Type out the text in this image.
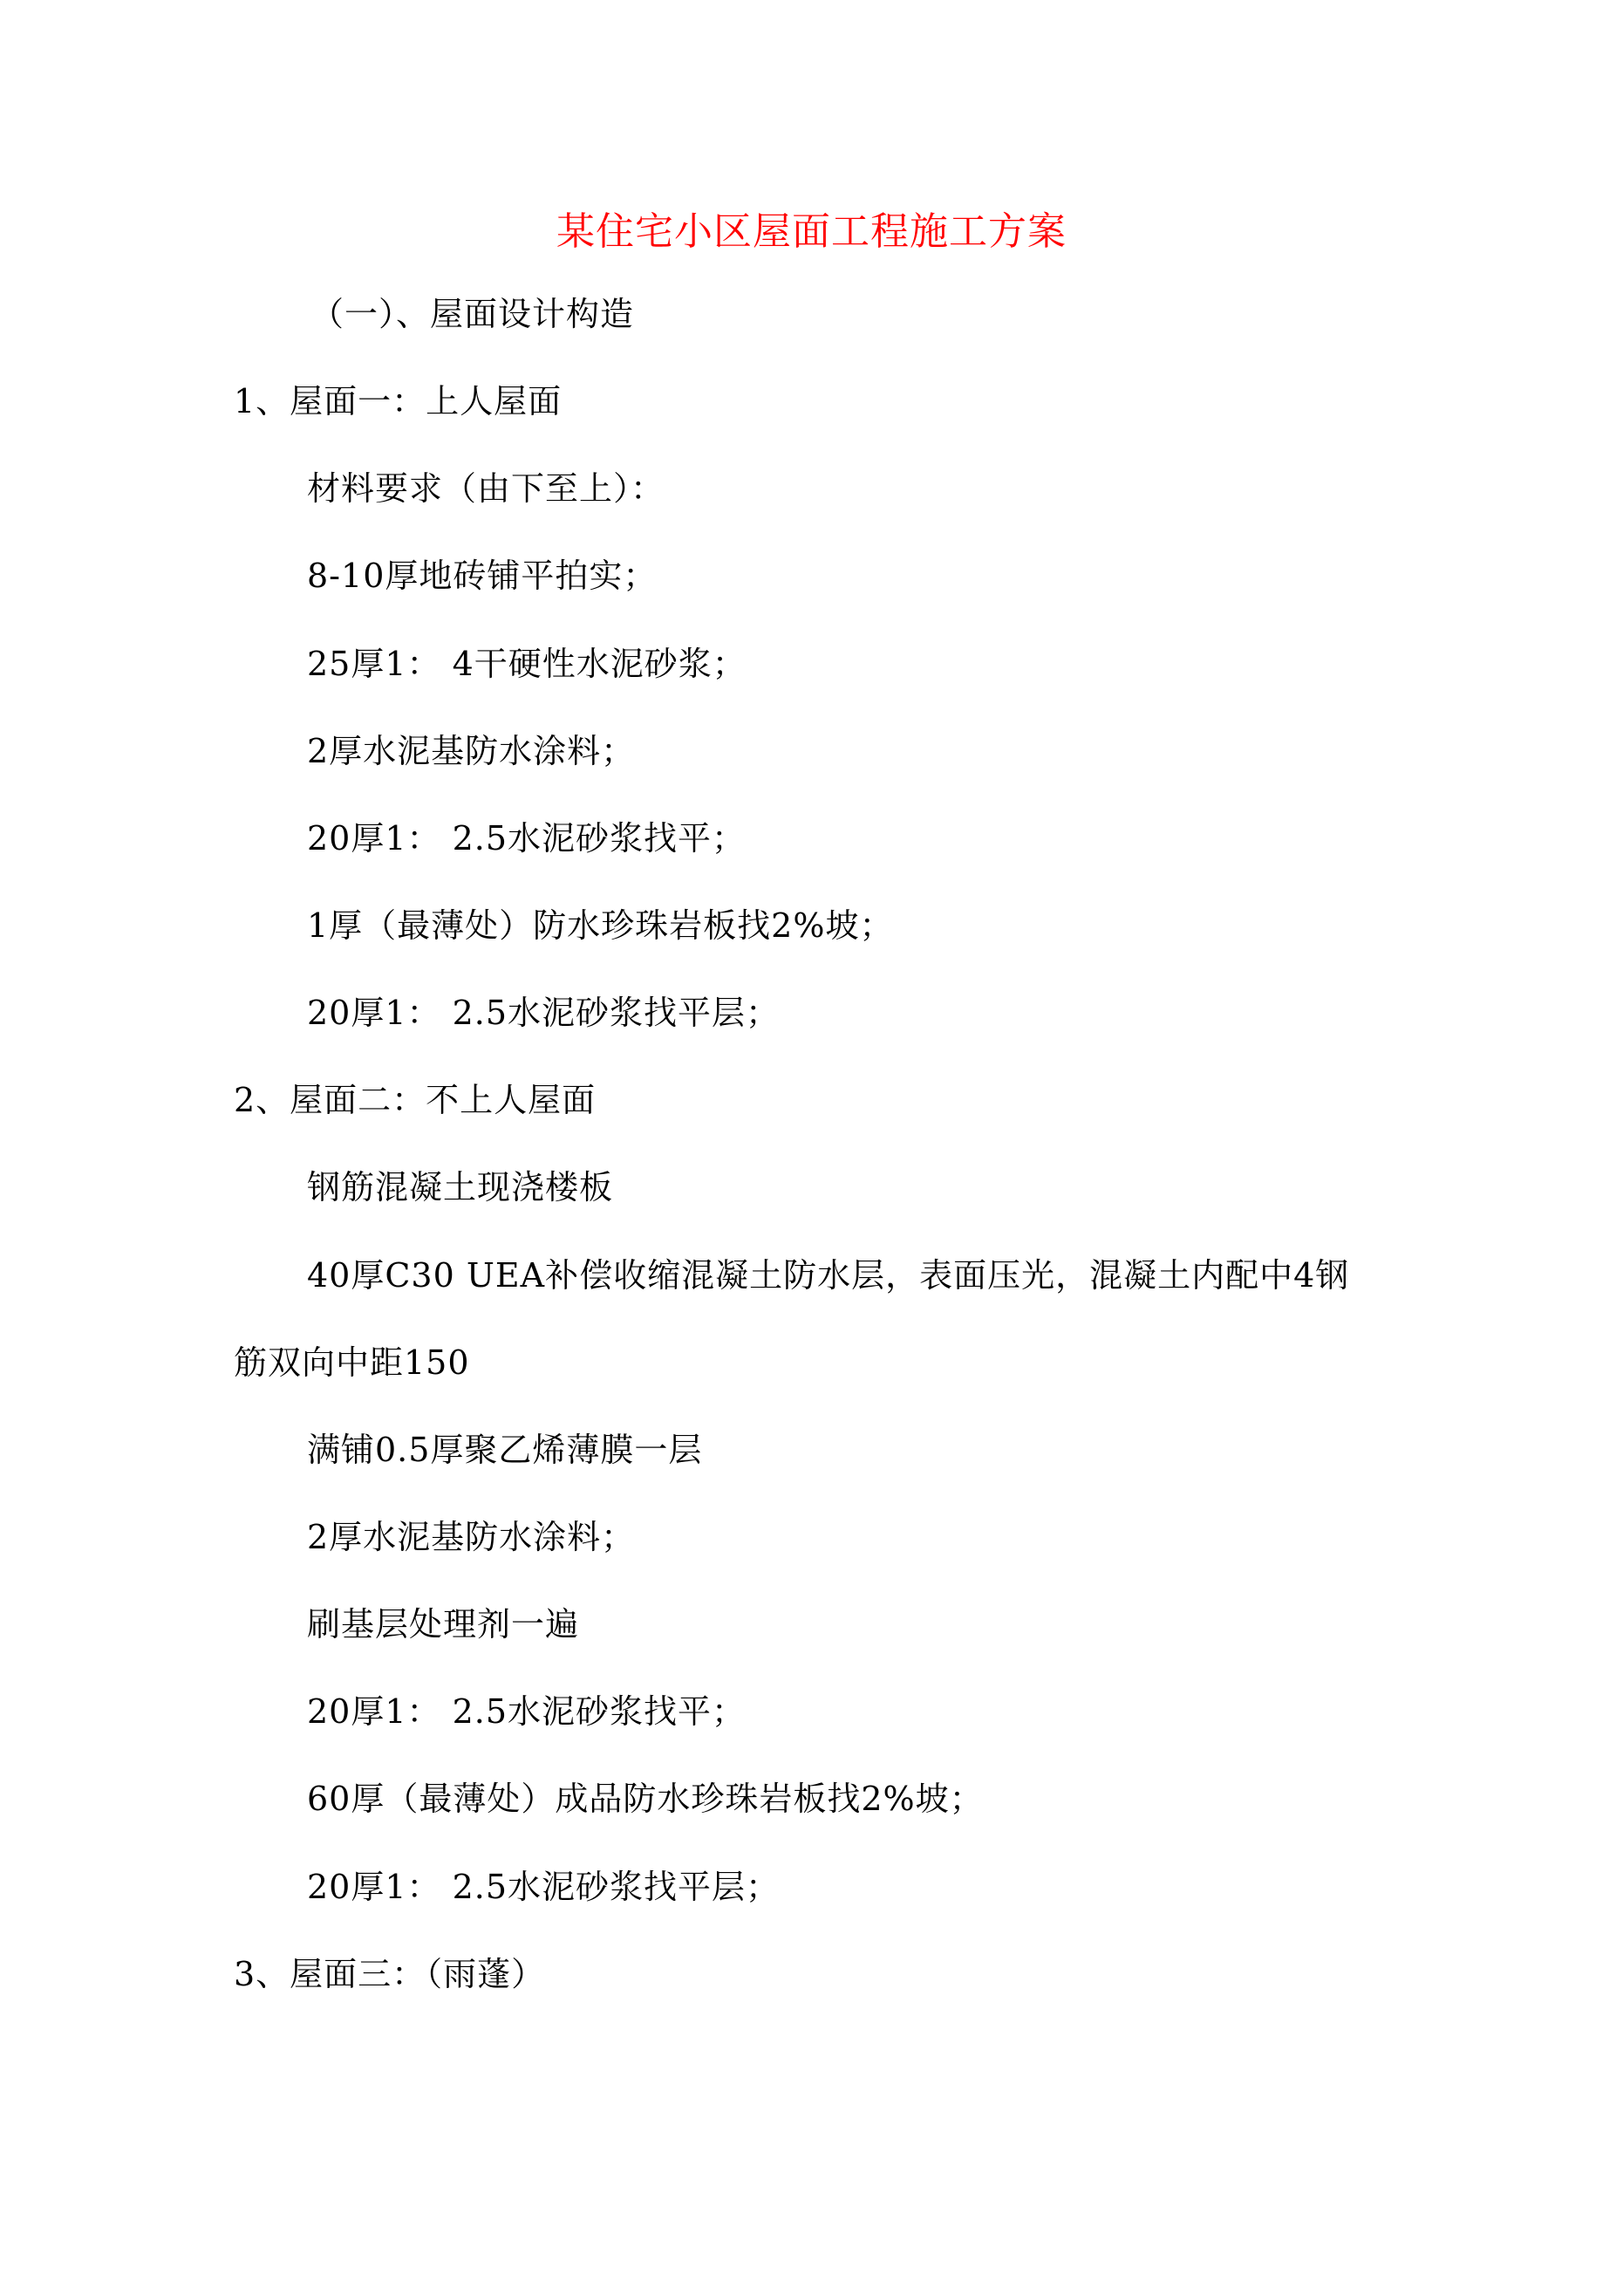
某住宅小区屋面工程施工方案
（一）、屋面设计构造
1、屋面一：上人屋面
材料要求（由下至上）：
8-10厚地砖铺平拍实；
25厚1： 4干硬性水泥砂浆；
2厚水泥基防水涂料；
20厚1： 2.5水泥砂浆找平；
1厚（最薄处）防水珍珠岩板找2%坡；
20厚1： 2.5水泥砂浆找平层；
2、屋面二：不上人屋面
钢筋混凝土现浇楼板
40厚C30 UEA补偿收缩混凝土防水层，表面压光，混凝土内配中4钢
筋双向中距150
满铺0.5厚聚乙烯薄膜一层
2厚水泥基防水涂料；
刷基层处理剂一遍
20厚1： 2.5水泥砂浆找平；
60厚（最薄处）成品防水珍珠岩板找2%坡；
20厚1： 2.5水泥砂浆找平层；
3、屋面三：（雨蓬）
